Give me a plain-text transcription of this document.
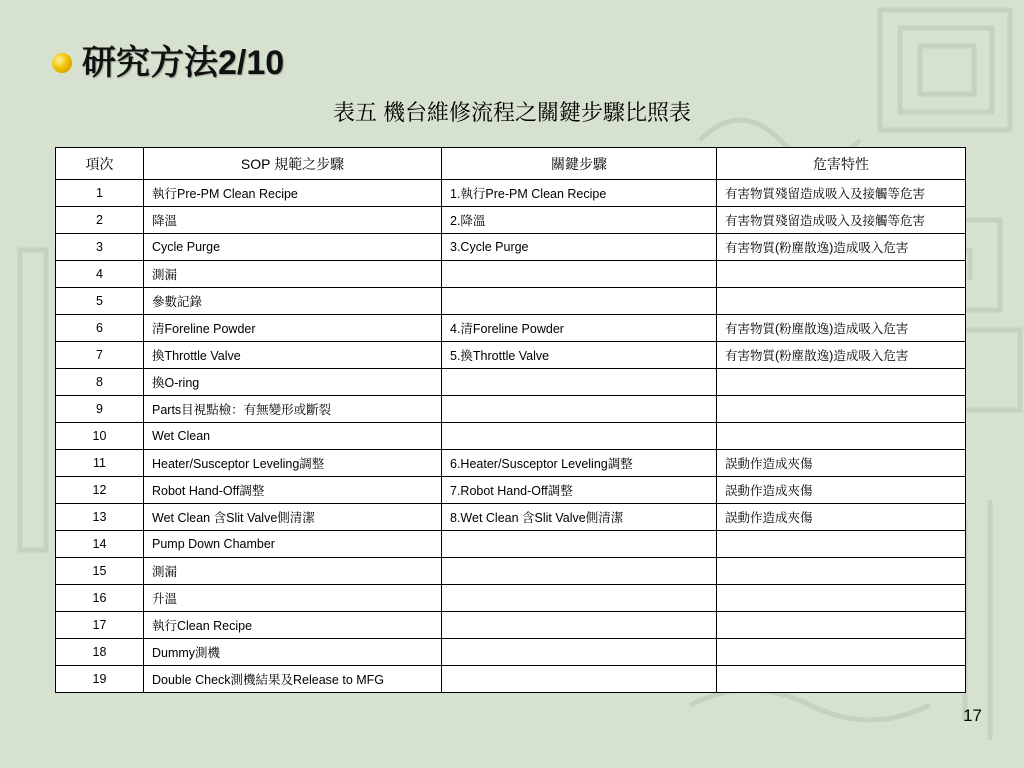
研究方法2/10
表五 機台維修流程之關鍵步驟比照表
項次	SOP 規範之步驟	關鍵步驟	危害特性
1	執行Pre-PM Clean Recipe	1.執行Pre-PM Clean Recipe	有害物質殘留造成吸入及接觸等危害
2	降溫	2.降溫	有害物質殘留造成吸入及接觸等危害
3	Cycle Purge	3.Cycle Purge	有害物質(粉塵散逸)造成吸入危害
4	測漏		
5	參數記錄		
6	清Foreline Powder	4.清Foreline Powder	有害物質(粉塵散逸)造成吸入危害
7	換Throttle Valve	5.換Throttle Valve	有害物質(粉塵散逸)造成吸入危害
8	換O-ring		
9	Parts目視點檢：有無變形或斷裂		
10	Wet Clean		
11	Heater/Susceptor Leveling調整	6.Heater/Susceptor Leveling調整	誤動作造成夾傷
12	Robot Hand-Off調整	7.Robot Hand-Off調整	誤動作造成夾傷
13	Wet Clean 含Slit Valve側清潔	8.Wet Clean 含Slit Valve側清潔	誤動作造成夾傷
14	Pump Down Chamber		
15	測漏		
16	升溫		
17	執行Clean Recipe		
18	Dummy測機		
19	Double Check測機結果及Release to MFG		
17
